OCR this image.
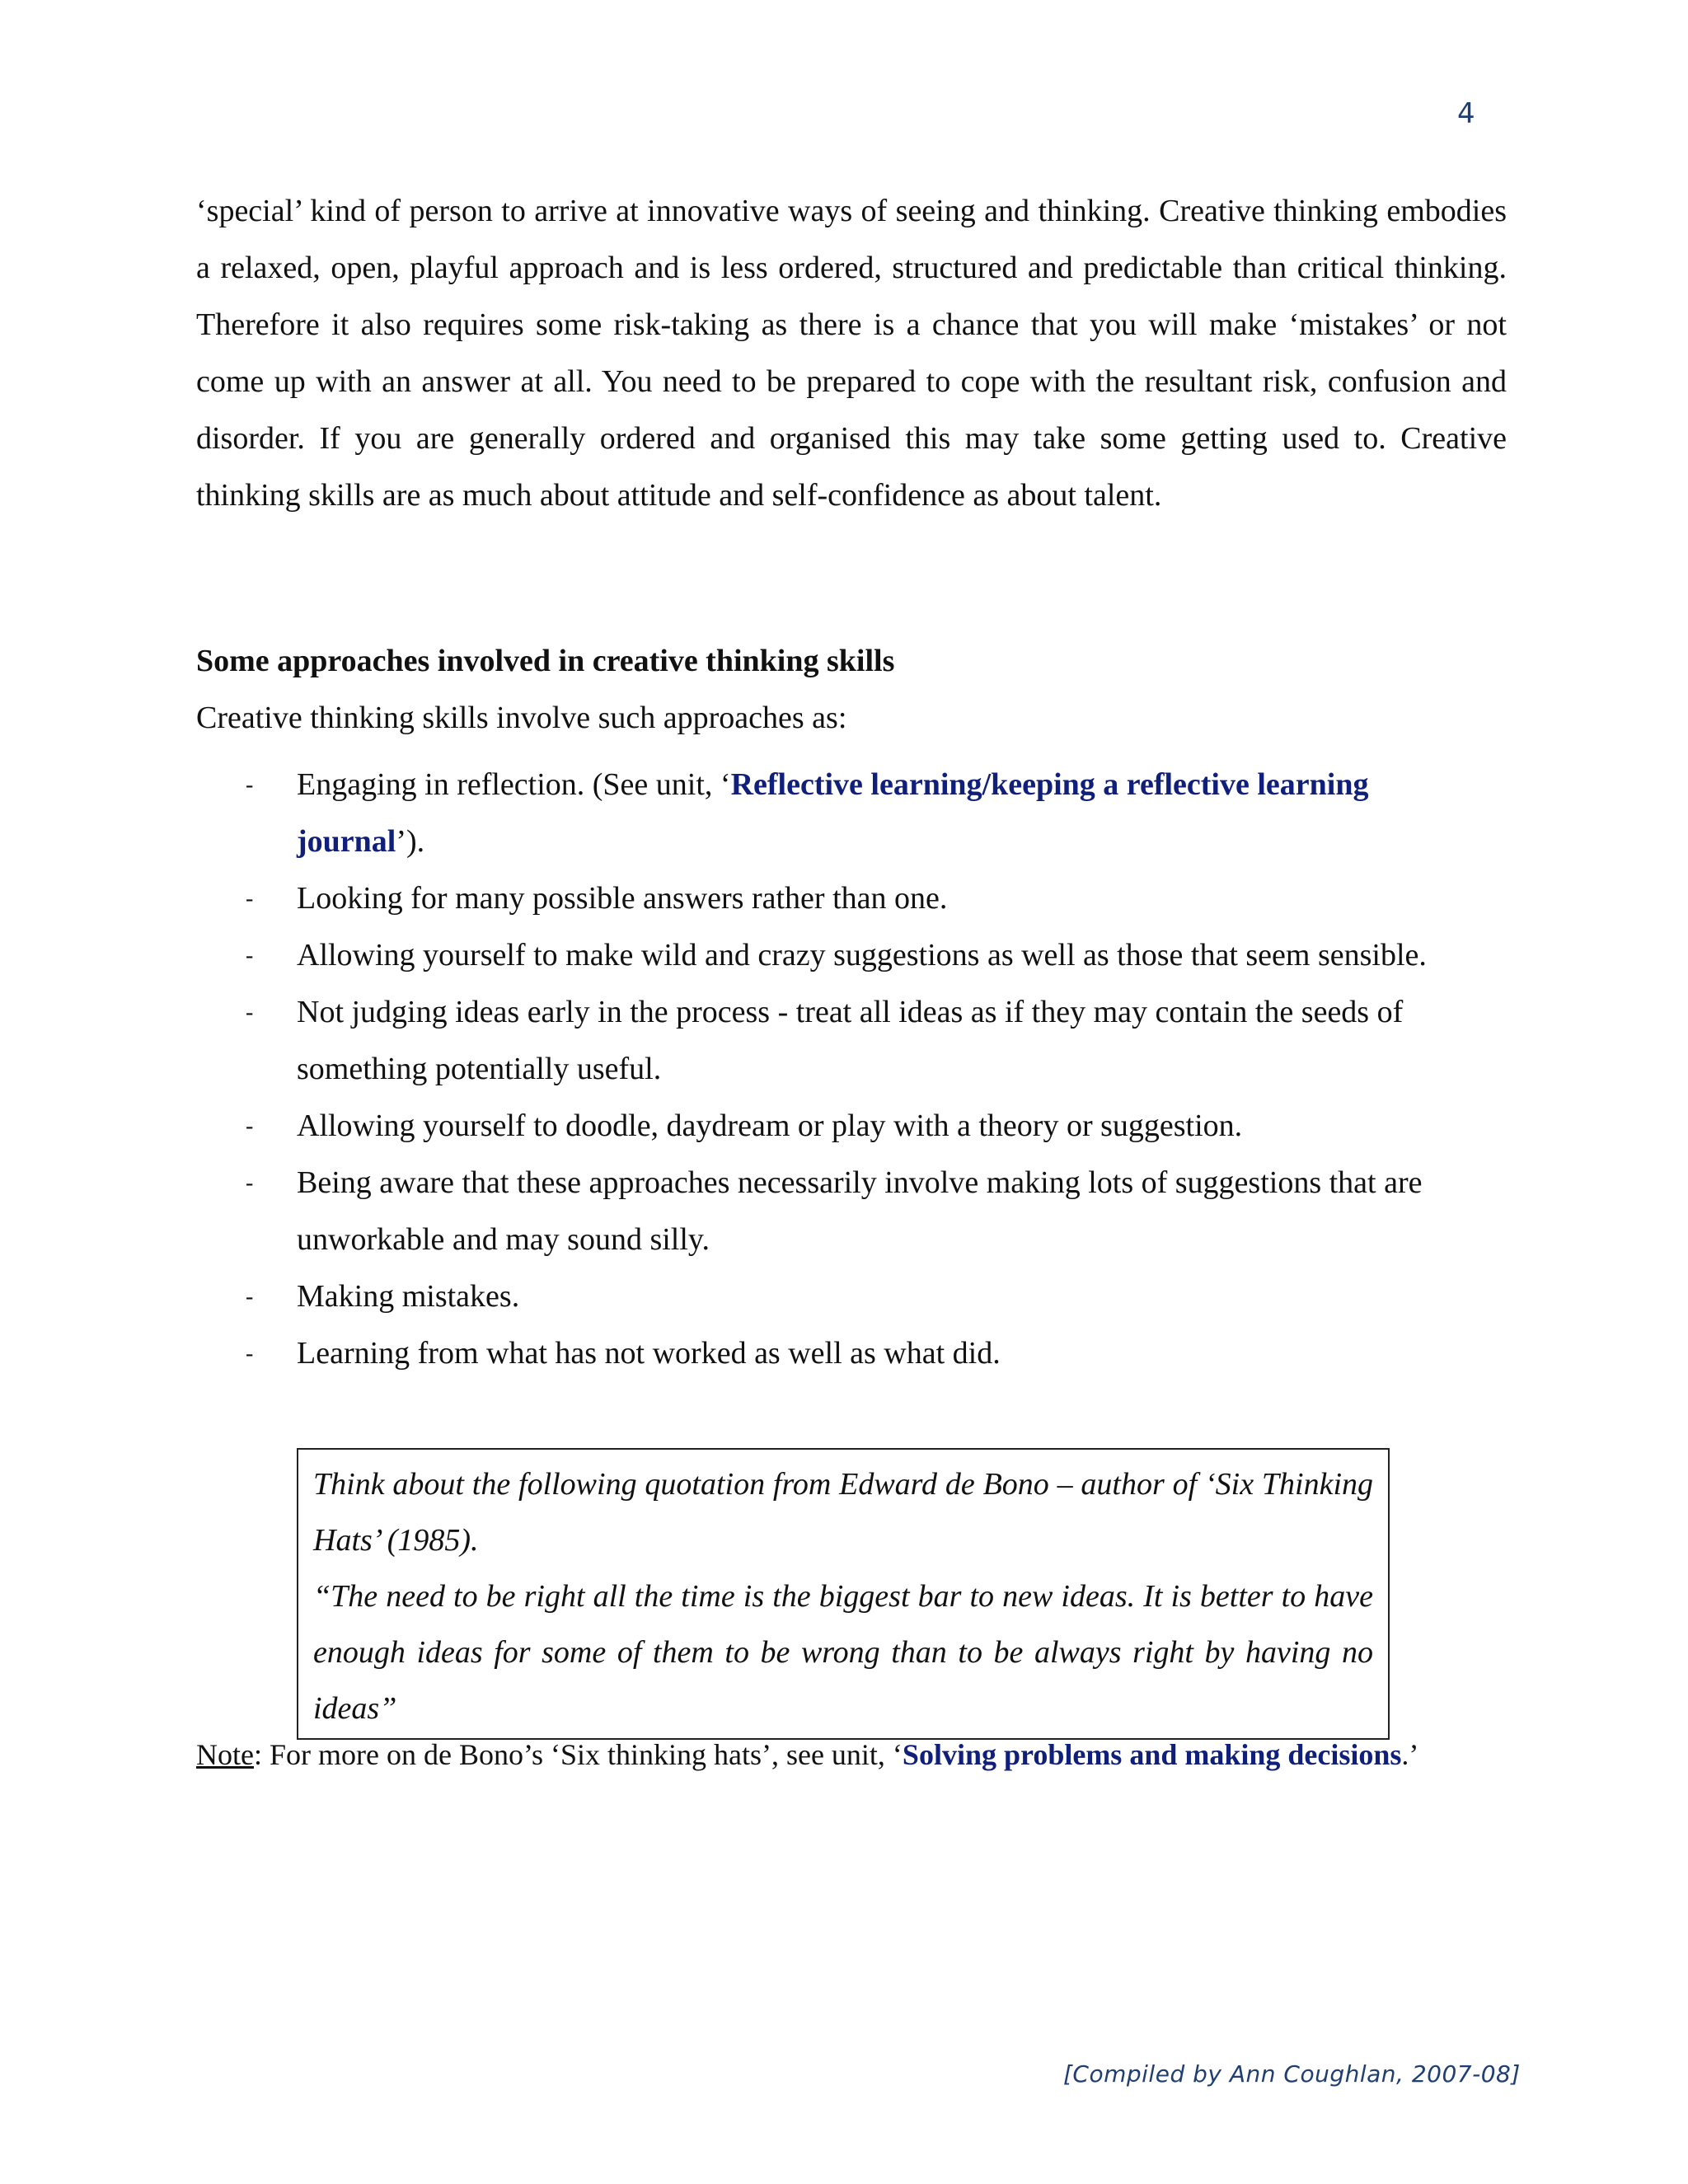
4

‘special’ kind of person to arrive at innovative ways of seeing and thinking. Creative thinking embodies a relaxed, open, playful approach and is less ordered, structured and predictable than critical thinking. Therefore it also requires some risk-taking as there is a chance that you will make ‘mistakes’ or not come up with an answer at all. You need to be prepared to cope with the resultant risk, confusion and disorder. If you are generally ordered and organised this may take some getting used to. Creative thinking skills are as much about attitude and self-confidence as about talent.

Some approaches involved in creative thinking skills

Creative thinking skills involve such approaches as:

- Engaging in reflection. (See unit, ‘Reflective learning/keeping a reflective learning journal’).
- Looking for many possible answers rather than one.
- Allowing yourself to make wild and crazy suggestions as well as those that seem sensible.
- Not judging ideas early in the process - treat all ideas as if they may contain the seeds of something potentially useful.
- Allowing yourself to doodle, daydream or play with a theory or suggestion.
- Being aware that these approaches necessarily involve making lots of suggestions that are unworkable and may sound silly.
- Making mistakes.
- Learning from what has not worked as well as what did.

Think about the following quotation from Edward de Bono – author of ‘Six Thinking Hats’ (1985).

“The need to be right all the time is the biggest bar to new ideas. It is better to have enough ideas for some of them to be wrong than to be always right by having no ideas”

Note: For more on de Bono’s ‘Six thinking hats’, see unit, ‘Solving problems and making decisions.’

[Compiled by Ann Coughlan, 2007-08]
